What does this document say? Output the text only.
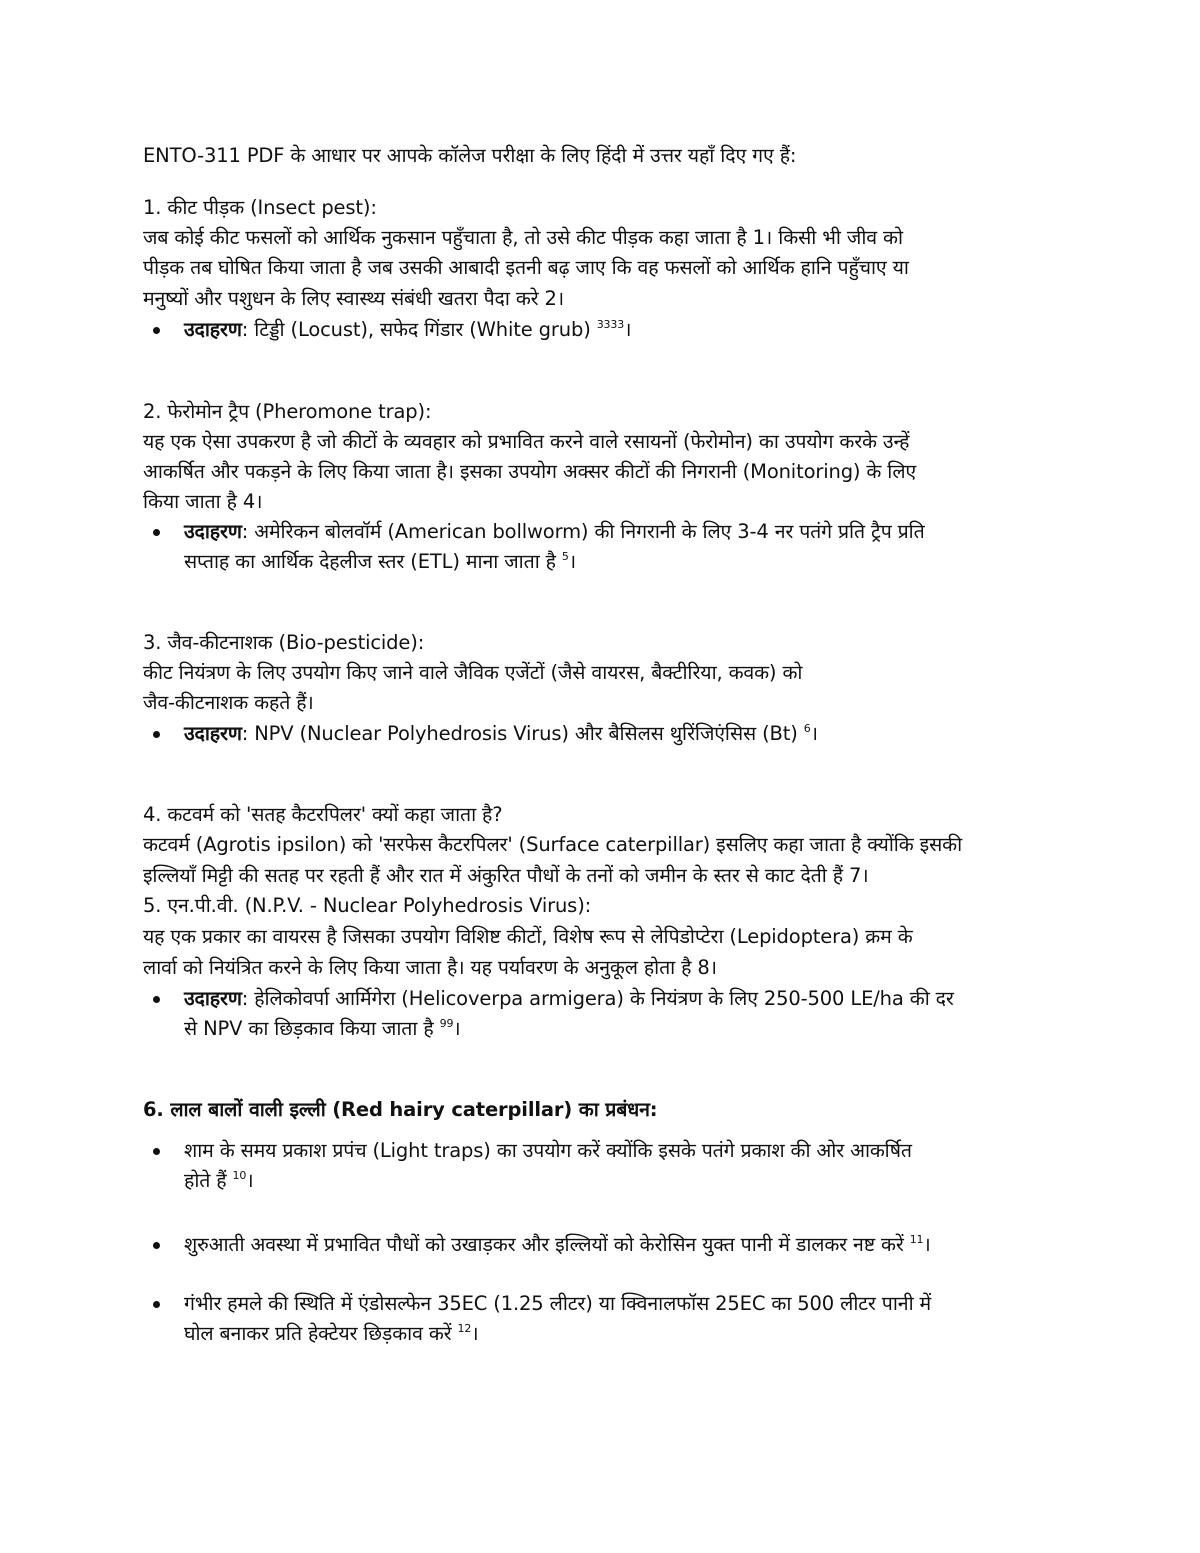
ENTO-311 PDF के आधार पर आपके कॉलेज परीक्षा के लिए हिंदी में उत्तर यहाँ दिए गए हैं:
1. कीट पीड़क (Insect pest):
जब कोई कीट फसलों को आर्थिक नुकसान पहुँचाता है, तो उसे कीट पीड़क कहा जाता है 1। किसी भी जीव को
पीड़क तब घोषित किया जाता है जब उसकी आबादी इतनी बढ़ जाए कि वह फसलों को आर्थिक हानि पहुँचाए या
मनुष्यों और पशुधन के लिए स्वास्थ्य संबंधी खतरा पैदा करे 2।
उदाहरण: टिड्डी (Locust), सफेद गिंडार (White grub) $^{3333}$।
2. फेरोमोन ट्रैप (Pheromone trap):
यह एक ऐसा उपकरण है जो कीटों के व्यवहार को प्रभावित करने वाले रसायनों (फेरोमोन) का उपयोग करके उन्हें
आकर्षित और पकड़ने के लिए किया जाता है। इसका उपयोग अक्सर कीटों की निगरानी (Monitoring) के लिए
किया जाता है 4।
उदाहरण: अमेरिकन बोलवॉर्म (American bollworm) की निगरानी के लिए 3-4 नर पतंगे प्रति ट्रैप प्रति
सप्ताह का आर्थिक देहलीज स्तर (ETL) माना जाता है $^5$।
3. जैव-कीटनाशक (Bio-pesticide):
कीट नियंत्रण के लिए उपयोग किए जाने वाले जैविक एजेंटों (जैसे वायरस, बैक्टीरिया, कवक) को
जैव-कीटनाशक कहते हैं।
उदाहरण: NPV (Nuclear Polyhedrosis Virus) और बैसिलस थुरिंजिएंसिस (Bt) $^6$।
4. कटवर्म को 'सतह कैटरपिलर' क्यों कहा जाता है?
कटवर्म (Agrotis ipsilon) को 'सरफेस कैटरपिलर' (Surface caterpillar) इसलिए कहा जाता है क्योंकि इसकी
इल्लियाँ मिट्टी की सतह पर रहती हैं और रात में अंकुरित पौधों के तनों को जमीन के स्तर से काट देती हैं 7।
5. एन.पी.वी. (N.P.V. - Nuclear Polyhedrosis Virus):
यह एक प्रकार का वायरस है जिसका उपयोग विशिष्ट कीटों, विशेष रूप से लेपिडोप्टेरा (Lepidoptera) क्रम के
लार्वा को नियंत्रित करने के लिए किया जाता है। यह पर्यावरण के अनुकूल होता है 8।
उदाहरण: हेलिकोवर्पा आर्मिगेरा (Helicoverpa armigera) के नियंत्रण के लिए 250-500 LE/ha की दर
से NPV का छिड़काव किया जाता है $^{99}$।
6. लाल बालों वाली इल्ली (Red hairy caterpillar) का प्रबंधन:
शाम के समय प्रकाश प्रपंच (Light traps) का उपयोग करें क्योंकि इसके पतंगे प्रकाश की ओर आकर्षित
होते हैं $^{10}$।
शुरुआती अवस्था में प्रभावित पौधों को उखाड़कर और इल्लियों को केरोसिन युक्त पानी में डालकर नष्ट करें $^{11}$।
गंभीर हमले की स्थिति में एंडोसल्फेन 35EC (1.25 लीटर) या क्विनालफॉस 25EC का 500 लीटर पानी में
घोल बनाकर प्रति हेक्टेयर छिड़काव करें $^{12}$।
